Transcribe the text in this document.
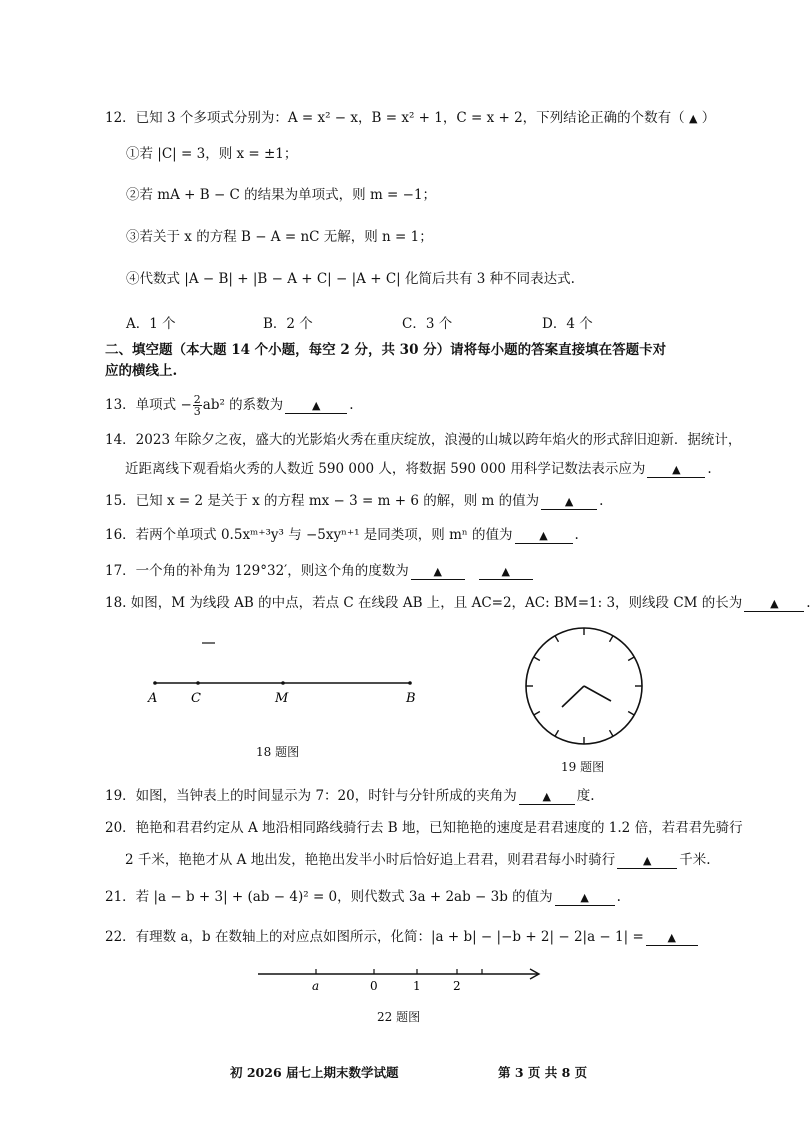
12．已知 3 个多项式分别为：A = x² − x，B = x² + 1，C = x + 2，下列结论正确的个数有（ ▲ ）
①若 |C| = 3，则 x = ±1；
②若 mA + B − C 的结果为单项式，则 m = −1；
③若关于 x 的方程 B − A = nC 无解，则 n = 1；
④代数式 |A − B| + |B − A + C| − |A + C| 化简后共有 3 种不同表达式.
A．1 个	B．2 个	C．3 个	D．4 个
二、填空题（本大题 14 个小题，每空 2 分，共 30 分）请将每小题的答案直接填在答题卡对
应的横线上.
13．单项式 − $\frac{2}{3} ab^2$ 的系数为	▲ .
14．2023 年除夕之夜，盛大的光影焰火秀在重庆绽放，浪漫的山城以跨年焰火的形式辞旧迎新．据统计，
近距离线下观看焰火秀的人数近 590 000 人，将数据 590 000 用科学记数法表示应为 ▲ .
15．已知 x = 2 是关于 x 的方程 mx − 3 = m + 6 的解，则 m 的值为 ▲ .
16．若两个单项式 0.5xᵐ⁺³y³ 与 −5xyⁿ⁺¹ 是同类项，则 mⁿ 的值为 ▲ .
17．一个角的补角为 129°32′，则这个角的度数为 ▲	▲
18. 如图，M 为线段 AB 的中点，若点 C 在线段 AB 上，且 AC=2，AC: BM=1: 3，则线段 CM 的长为	▲ .
A	C	M	B
18 题图
19 题图
19．如图，当钟表上的时间显示为 7：20，时针与分针所成的夹角为 ▲ 度.
20．艳艳和君君约定从 A 地沿相同路线骑行去 B 地，已知艳艳的速度是君君速度的 1.2 倍，若君君先骑行
2 千米，艳艳才从 A 地出发，艳艳出发半小时后恰好追上君君，则君君每小时骑行	▲ 千米.
21．若 |a − b + 3| + (ab − 4)² = 0，则代数式 3a + 2ab − 3b 的值为	▲ .
22．有理数 a，b 在数轴上的对应点如图所示，化简：|a + b| − |−b + 2| − 2|a − 1| = ▲
a	0	1	2
22 题图
初 2026 届七上期末数学试题	第 3 页 共 8 页
